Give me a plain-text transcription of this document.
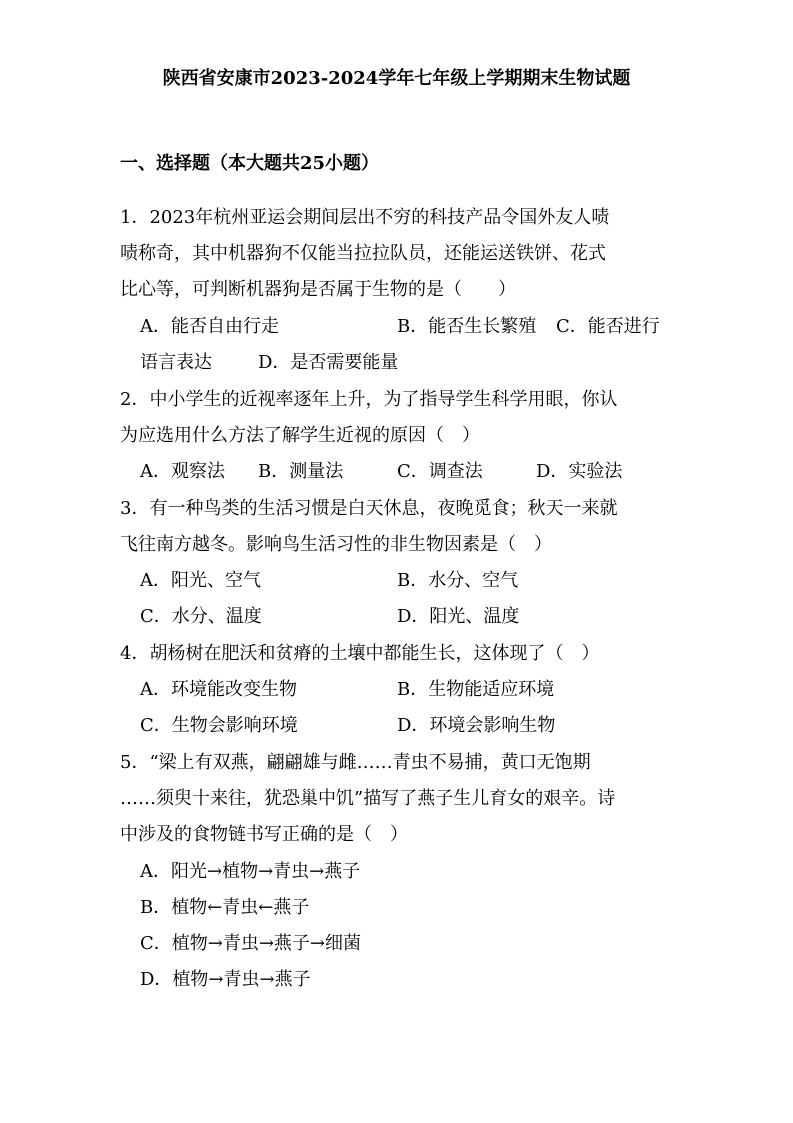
陕西省安康市2023-2024学年七年级上学期期末生物试题
一、选择题（本大题共25小题）
1．2023年杭州亚运会期间层出不穷的科技产品令国外友人啧
啧称奇，其中机器狗不仅能当拉拉队员，还能运送铁饼、花式
比心等，可判断机器狗是否属于生物的是（　　）
A．能否自由行走	B．能否生长繁殖 C．能否进行
语言表达	D．是否需要能量
2．中小学生的近视率逐年上升，为了指导学生科学用眼，你认
为应选用什么方法了解学生近视的原因（　）
A．观察法 B．测量法	C．调查法	D．实验法
3．有一种鸟类的生活习惯是白天休息，夜晚觅食；秋天一来就
飞往南方越冬。影响鸟生活习性的非生物因素是（　）
A．阳光、空气	B．水分、空气
C．水分、温度	D．阳光、温度
4．胡杨树在肥沃和贫瘠的土壤中都能生长，这体现了（　）
A．环境能改变生物	B．生物能适应环境
C．生物会影响环境	D．环境会影响生物
5．“梁上有双燕，翩翩雄与雌……青虫不易捕，黄口无饱期
……须臾十来往，犹恐巢中饥”描写了燕子生儿育女的艰辛。诗
中涉及的食物链书写正确的是（　）
A．阳光→植物→青虫→燕子
B．植物←青虫←燕子
C．植物→青虫→燕子→细菌
D．植物→青虫→燕子
